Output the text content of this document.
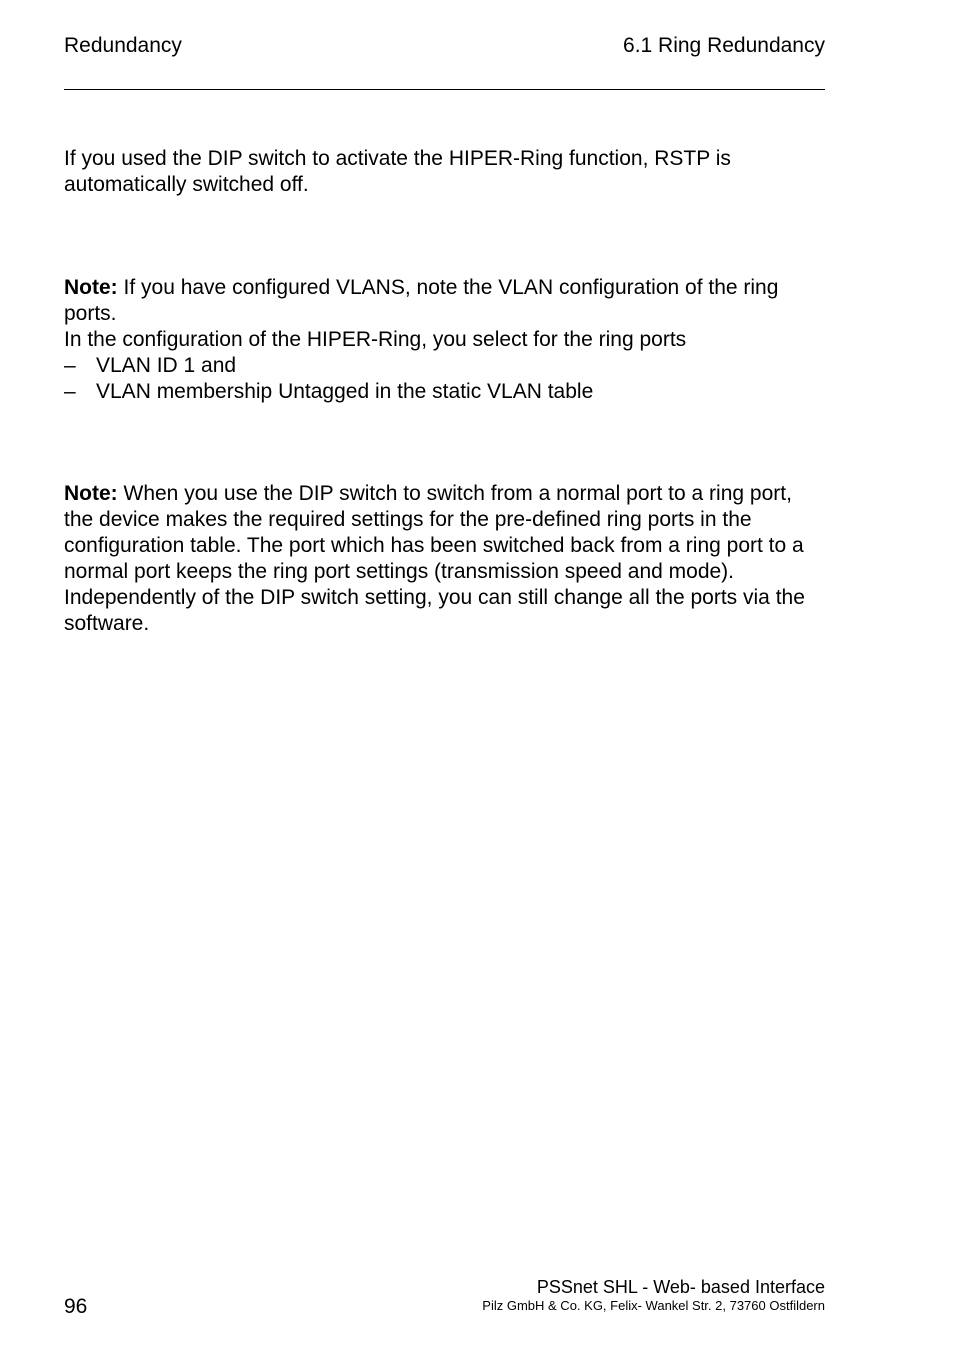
Redundancy	6.1 Ring Redundancy

If you used the DIP switch to activate the HIPER-Ring function, RSTP is automatically switched off.

Note: If you have configured VLANS, note the VLAN configuration of the ring ports.
In the configuration of the HIPER-Ring, you select for the ring ports
– VLAN ID 1 and
– VLAN membership Untagged in the static VLAN table
Note: When you use the DIP switch to switch from a normal port to a ring port, the device makes the required settings for the pre-defined ring ports in the configuration table. The port which has been switched back from a ring port to a normal port keeps the ring port settings (transmission speed and mode). Independently of the DIP switch setting, you can still change all the ports via the software.
96
PSSnet SHL - Web- based Interface
Pilz GmbH & Co. KG, Felix- Wankel Str. 2, 73760 Ostfildern
